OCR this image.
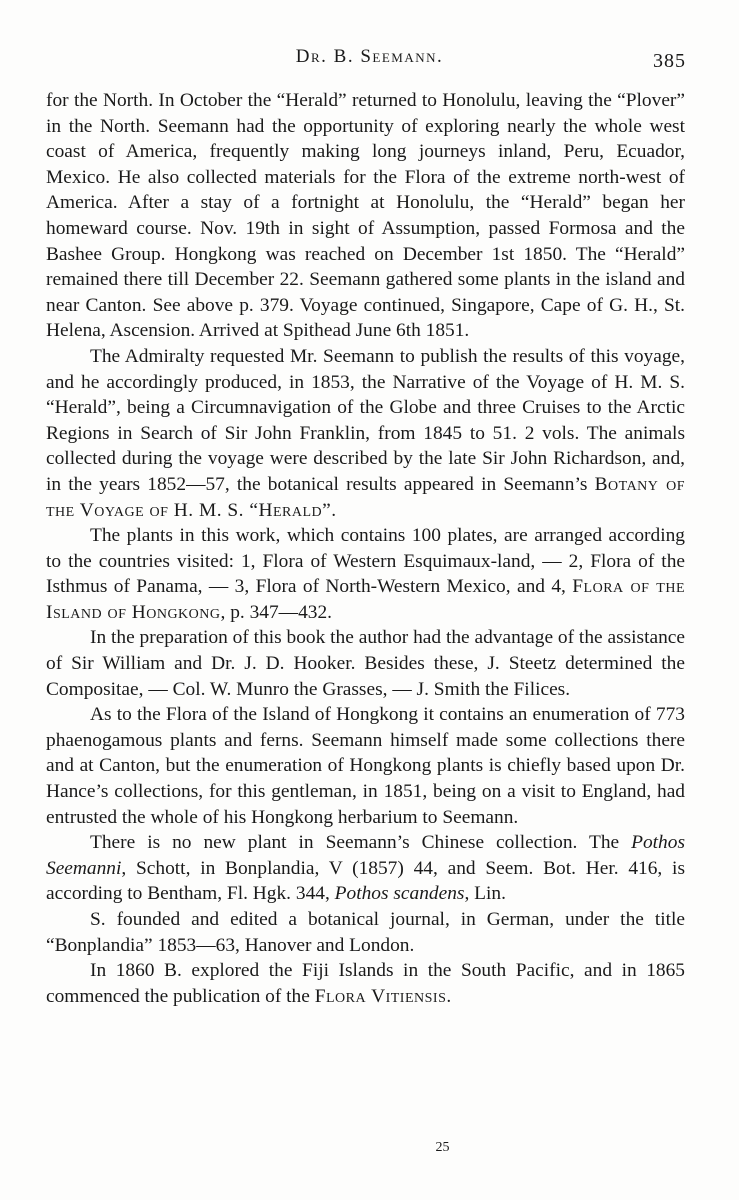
Dr. B. Seemann.	385

for the North. In October the “Herald” returned to Honolulu, leaving the “Plover” in the North. Seemann had the opportunity of exploring nearly the whole west coast of America, frequently making long journeys inland, Peru, Ecuador, Mexico. He also collected materials for the Flora of the extreme north-west of America. After a stay of a fortnight at Honolulu, the “Herald” began her homeward course. Nov. 19th in sight of Assumption, passed Formosa and the Bashee Group. Hongkong was reached on December 1st 1850. The “Herald” remained there till December 22. Seemann gathered some plants in the island and near Canton. See above p. 379. Voyage continued, Singapore, Cape of G. H., St. Helena, Ascension. Arrived at Spithead June 6th 1851.

The Admiralty requested Mr. Seemann to publish the results of this voyage, and he accordingly produced, in 1853, the Narrative of the Voyage of H. M. S. “Herald”, being a Circumnavigation of the Globe and three Cruises to the Arctic Regions in Search of Sir John Franklin, from 1845 to 51. 2 vols. The animals collected during the voyage were described by the late Sir John Richardson, and, in the years 1852—57, the botanical results appeared in Seemann’s Botany of the Voyage of H. M. S. “Herald”.

The plants in this work, which contains 100 plates, are arranged according to the countries visited: 1, Flora of Western Esquimaux-land, — 2, Flora of the Isthmus of Panama, — 3, Flora of North-Western Mexico, and 4, Flora of the Island of Hongkong, p. 347—432.

In the preparation of this book the author had the advantage of the assistance of Sir William and Dr. J. D. Hooker. Besides these, J. Steetz determined the Compositae, — Col. W. Munro the Grasses, — J. Smith the Filices.

As to the Flora of the Island of Hongkong it contains an enumeration of 773 phaenogamous plants and ferns. Seemann himself made some collections there and at Canton, but the enumeration of Hongkong plants is chiefly based upon Dr. Hance’s collections, for this gentleman, in 1851, being on a visit to England, had entrusted the whole of his Hongkong herbarium to Seemann.

There is no new plant in Seemann’s Chinese collection. The Pothos Seemanni, Schott, in Bonplandia, V (1857) 44, and Seem. Bot. Her. 416, is according to Bentham, Fl. Hgk. 344, Pothos scandens, Lin.

S. founded and edited a botanical journal, in German, under the title “Bonplandia” 1853—63, Hanover and London.

In 1860 B. explored the Fiji Islands in the South Pacific, and in 1865 commenced the publication of the Flora Vitiensis.

25
